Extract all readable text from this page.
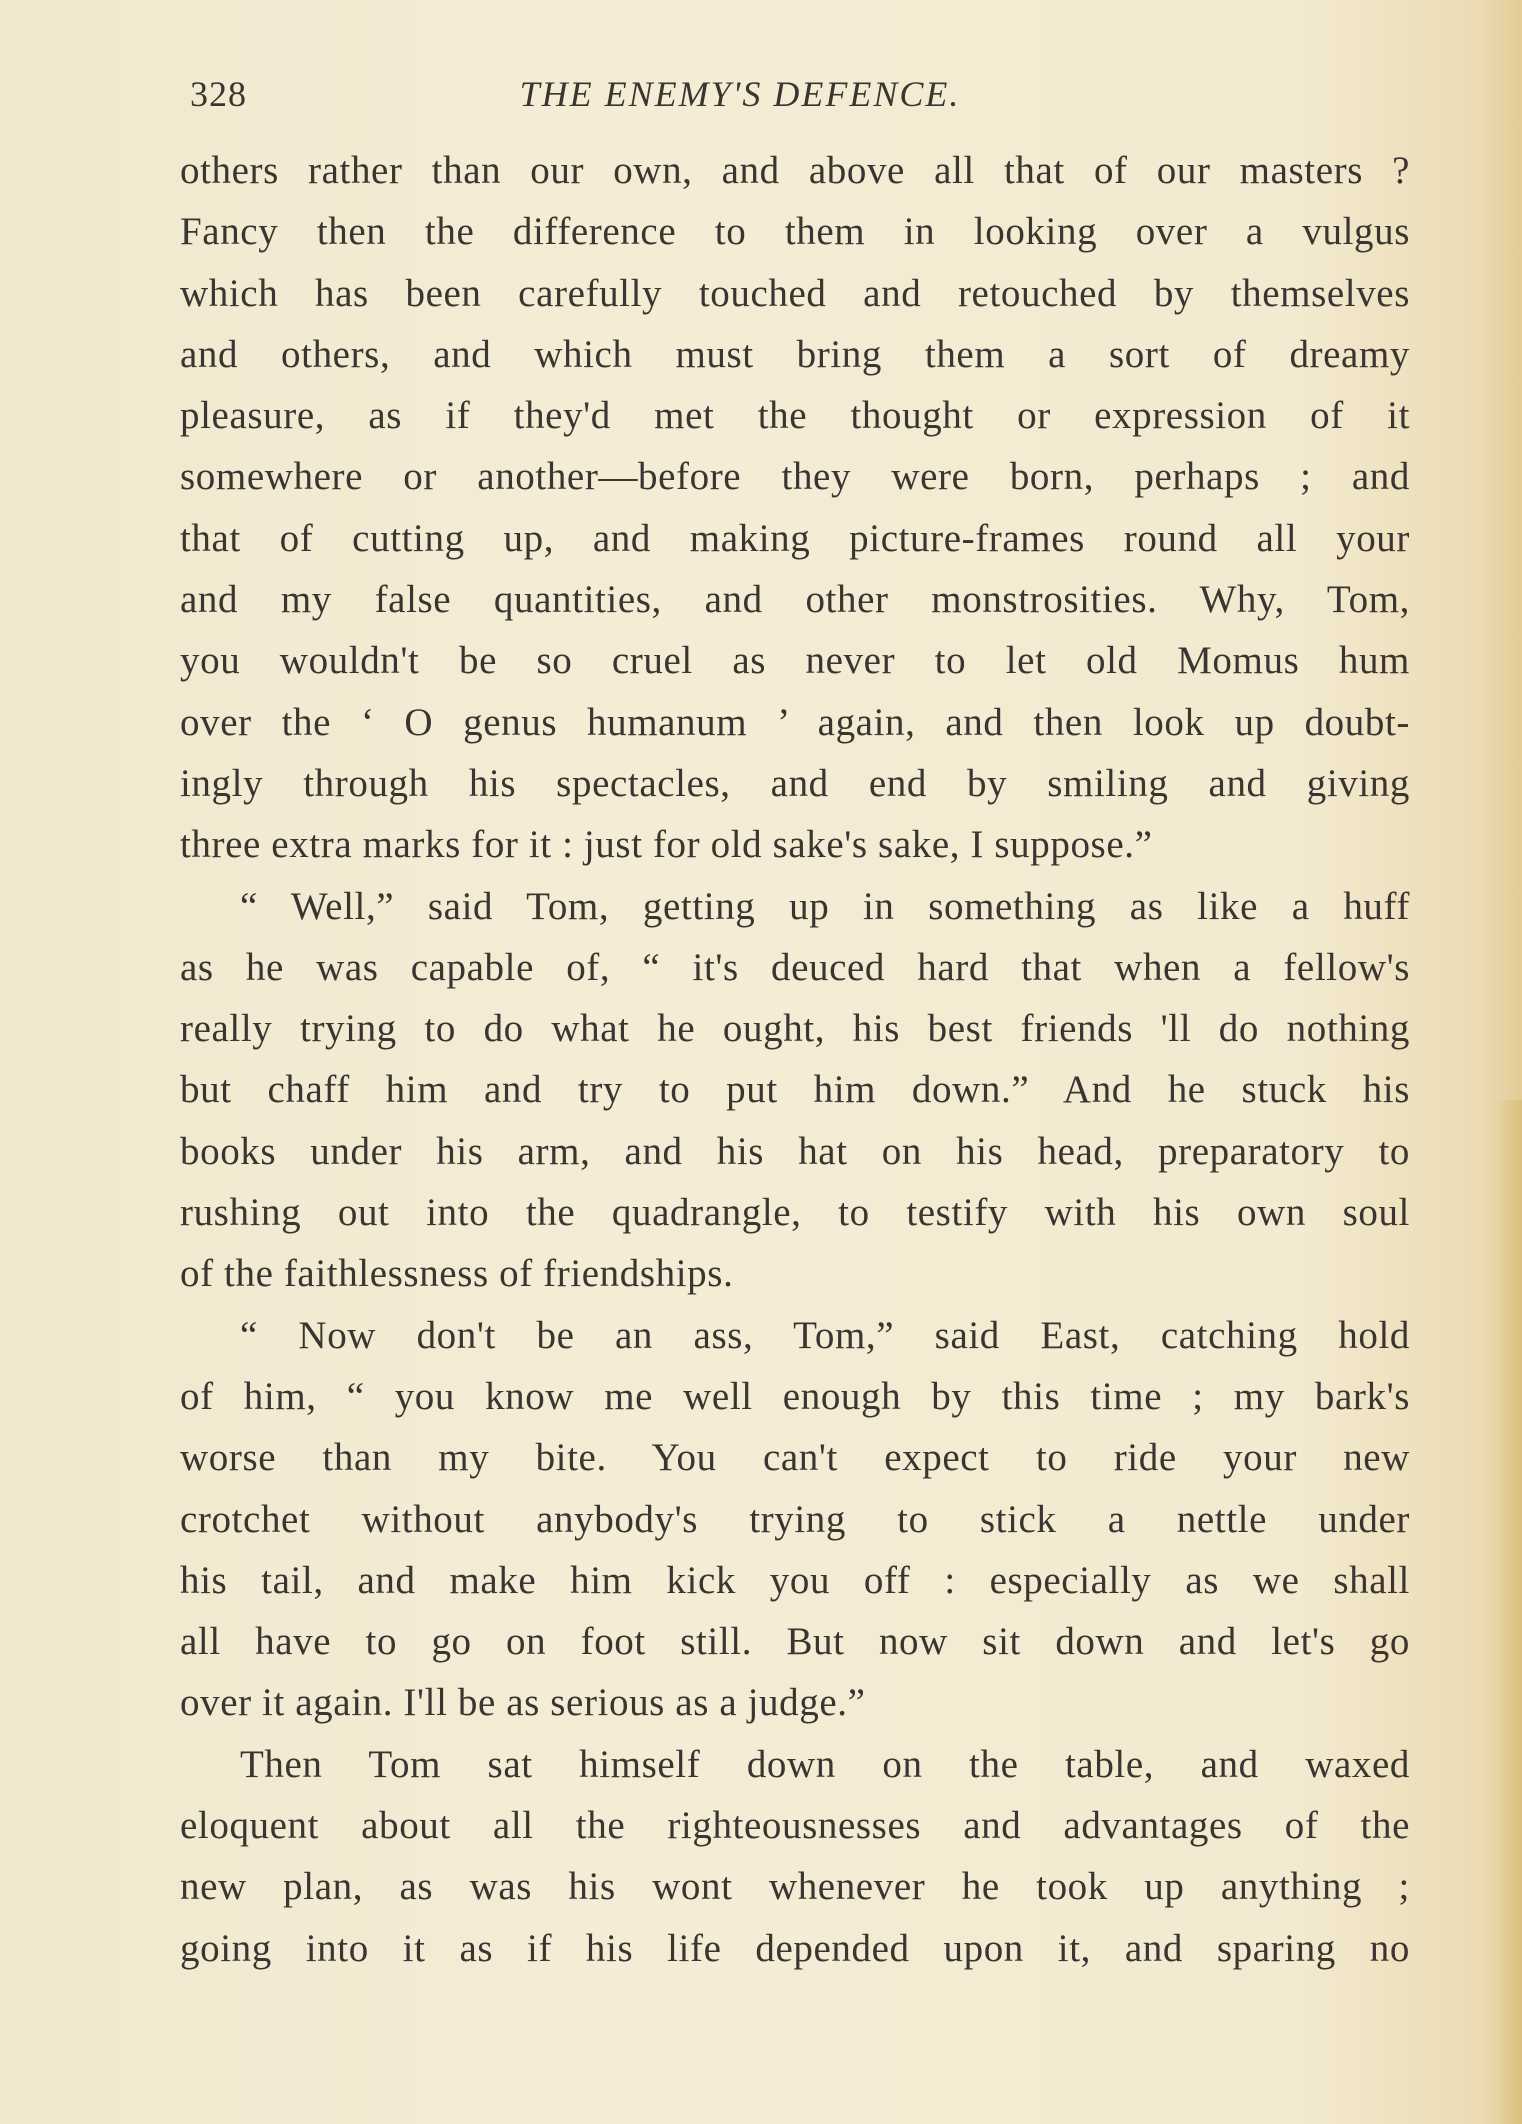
328	THE ENEMY'S DEFENCE.
others rather than our own, and above all that of our masters ?
Fancy then the difference to them in looking over a vulgus
which has been carefully touched and retouched by themselves
and others, and which must bring them a sort of dreamy
pleasure, as if they'd met the thought or expression of it
somewhere or another—before they were born, perhaps ; and
that of cutting up, and making picture-frames round all your
and my false quantities, and other monstrosities. Why, Tom,
you wouldn't be so cruel as never to let old Momus hum
over the ‘ O genus humanum ’ again, and then look up doubt-
ingly through his spectacles, and end by smiling and giving
three extra marks for it : just for old sake's sake, I suppose.”
“ Well,” said Tom, getting up in something as like a huff
as he was capable of, “ it's deuced hard that when a fellow's
really trying to do what he ought, his best friends 'll do nothing
but chaff him and try to put him down.” And he stuck his
books under his arm, and his hat on his head, preparatory to
rushing out into the quadrangle, to testify with his own soul
of the faithlessness of friendships.
“ Now don't be an ass, Tom,” said East, catching hold
of him, “ you know me well enough by this time ; my bark's
worse than my bite. You can't expect to ride your new
crotchet without anybody's trying to stick a nettle under
his tail, and make him kick you off : especially as we shall
all have to go on foot still. But now sit down and let's go
over it again. I'll be as serious as a judge.”
Then Tom sat himself down on the table, and waxed
eloquent about all the righteousnesses and advantages of the
new plan, as was his wont whenever he took up anything ;
going into it as if his life depended upon it, and sparing no
